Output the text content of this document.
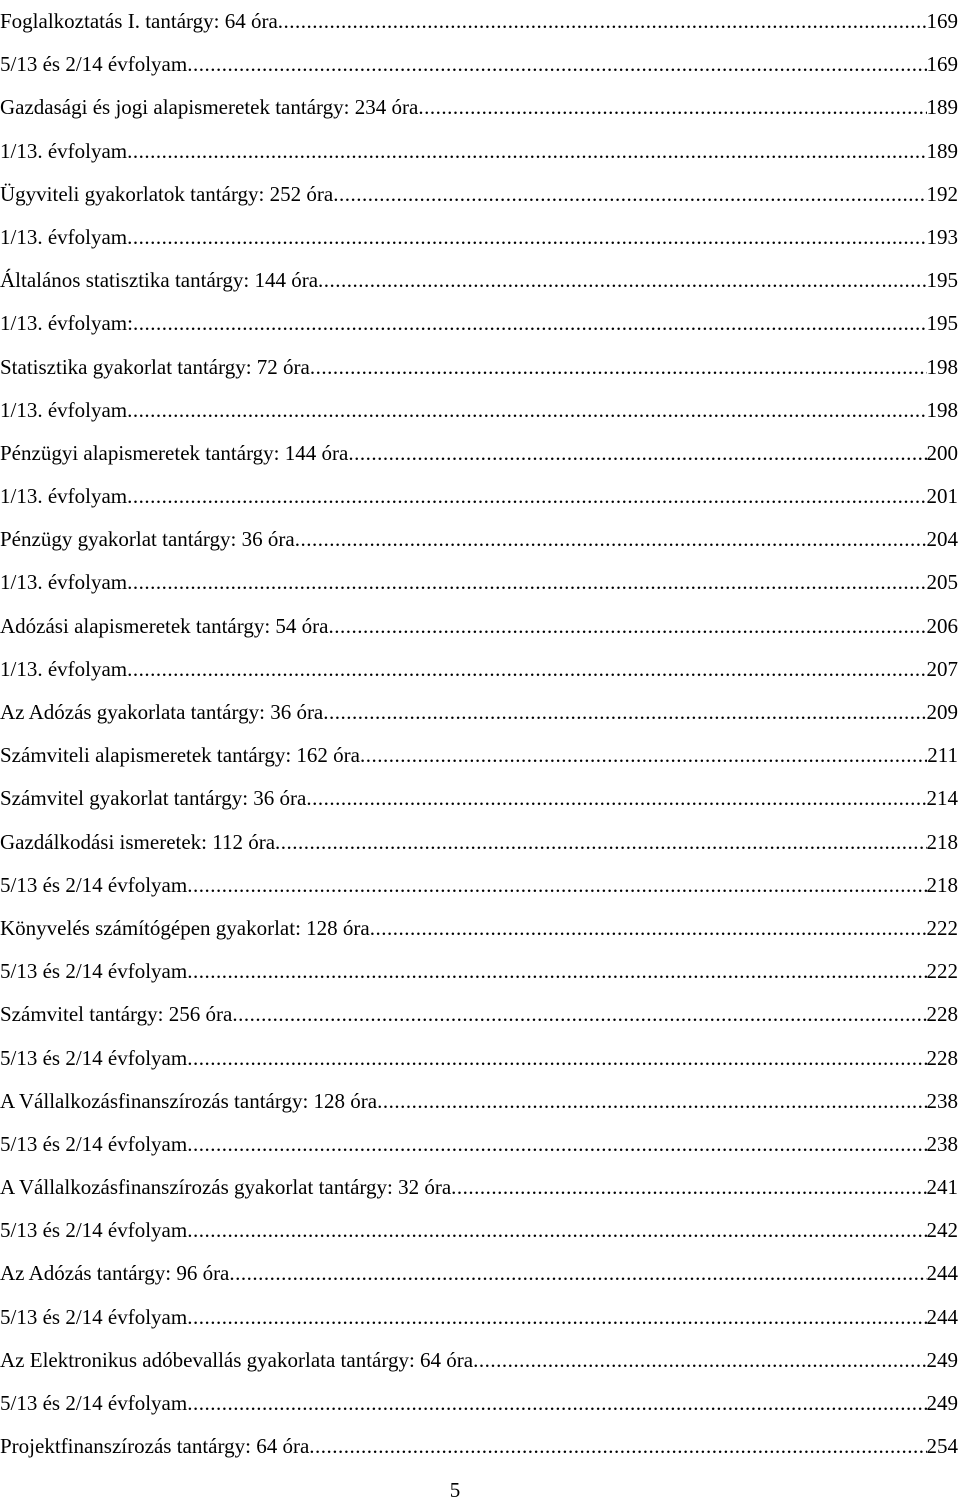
Foglalkoztatás I. tantárgy: 64 óra .....	169
5/13 és 2/14 évfolyam .....	169
Gazdasági és jogi alapismeretek tantárgy: 234 óra .....	189
1/13. évfolyam .....	189
Ügyviteli gyakorlatok tantárgy: 252 óra .....	192
1/13. évfolyam .....	193
Általános statisztika tantárgy: 144 óra .....	195
1/13. évfolyam: .....	195
Statisztika gyakorlat tantárgy: 72 óra .....	198
1/13. évfolyam .....	198
Pénzügyi alapismeretek tantárgy: 144 óra .....	200
1/13. évfolyam .....	201
Pénzügy gyakorlat tantárgy: 36 óra .....	204
1/13. évfolyam .....	205
Adózási alapismeretek tantárgy: 54 óra .....	206
1/13. évfolyam .....	207
Az Adózás gyakorlata tantárgy: 36 óra .....	209
Számviteli alapismeretek tantárgy: 162 óra .....	211
Számvitel gyakorlat tantárgy: 36 óra .....	214
Gazdálkodási ismeretek: 112 óra .....	218
5/13 és 2/14 évfolyam .....	218
Könyvelés számítógépen gyakorlat: 128 óra .....	222
5/13 és 2/14 évfolyam .....	222
Számvitel tantárgy: 256 óra .....	228
5/13 és 2/14 évfolyam .....	228
A Vállalkozásfinanszírozás tantárgy: 128 óra .....	238
5/13 és 2/14 évfolyam .....	238
A Vállalkozásfinanszírozás gyakorlat tantárgy: 32 óra .....	241
5/13 és 2/14 évfolyam .....	242
Az Adózás tantárgy: 96 óra .....	244
5/13 és 2/14 évfolyam .....	244
Az Elektronikus adóbevallás gyakorlata tantárgy: 64 óra .....	249
5/13 és 2/14 évfolyam .....	249
Projektfinanszírozás tantárgy: 64 óra .....	254
5
